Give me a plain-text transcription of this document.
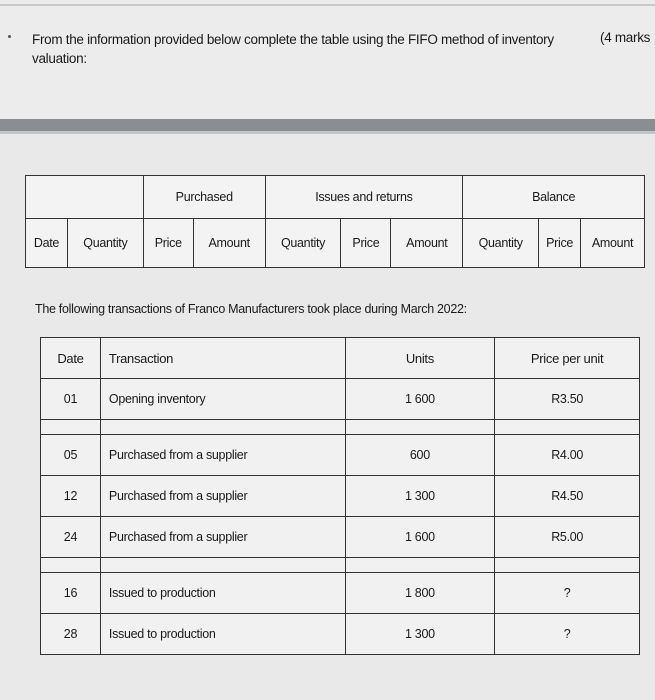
From the information provided below complete the table using the FIFO method of inventory valuation:
(4 marks
		Purchased		Issues and returns			Balance		
Date	Quantity	Price	Amount	Quantity	Price	Amount	Quantity	Price	Amount
The following transactions of Franco Manufacturers took place during March 2022:
Date	Transaction	Units	Price per unit
01	Opening inventory	1 600	R3.50

05	Purchased from a supplier	600	R4.00
12	Purchased from a supplier	1 300	R4.50
24	Purchased from a supplier	1 600	R5.00

16	Issued to production	1 800	?
28	Issued to production	1 300	?
